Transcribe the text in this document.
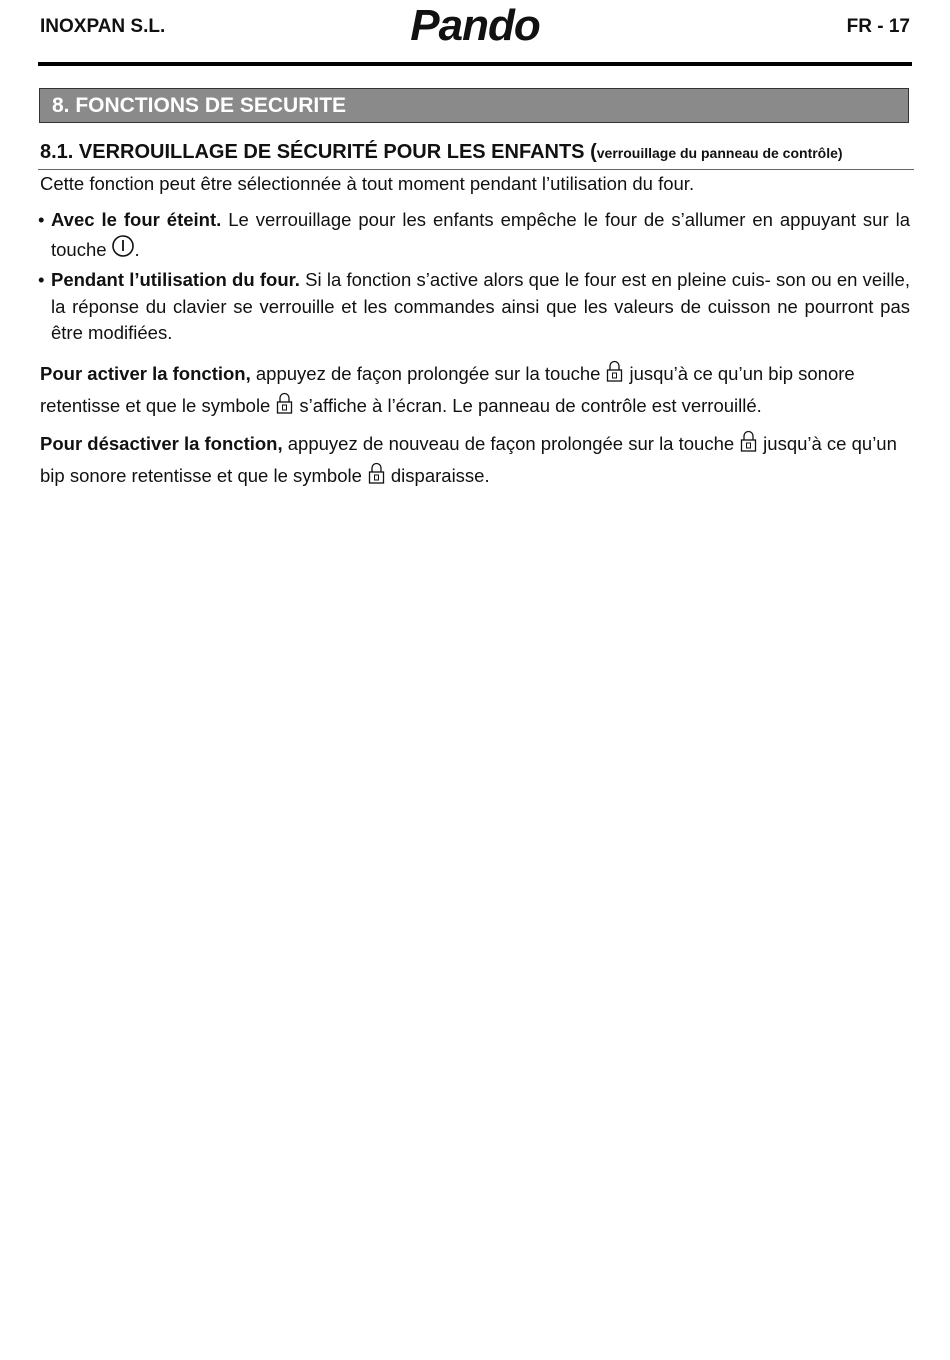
INOXPAN S.L.	Pando	FR - 17
8. FONCTIONS DE SECURITE
8.1. VERROUILLAGE DE SÉCURITÉ POUR LES ENFANTS (verrouillage du panneau de contrôle)
Cette fonction peut être sélectionnée à tout moment pendant l’utilisation du four.
• Avec le four éteint. Le verrouillage pour les enfants empêche le four de s’allumer en appuyant sur la touche .
• Pendant l’utilisation du four. Si la fonction s’active alors que le four est en pleine cuis- son ou en veille, la réponse du clavier se verrouille et les commandes ainsi que les valeurs de cuisson ne pourront pas être modifiées.
Pour activer la fonction, appuyez de façon prolongée sur la touche jusqu’à ce qu’un bip sonore retentisse et que le symbole s’affiche à l’écran. Le panneau de contrôle est verrouillé.
Pour désactiver la fonction, appuyez de nouveau de façon prolongée sur la touche jusqu’à ce qu’un bip sonore retentisse et que le symbole disparaisse.
